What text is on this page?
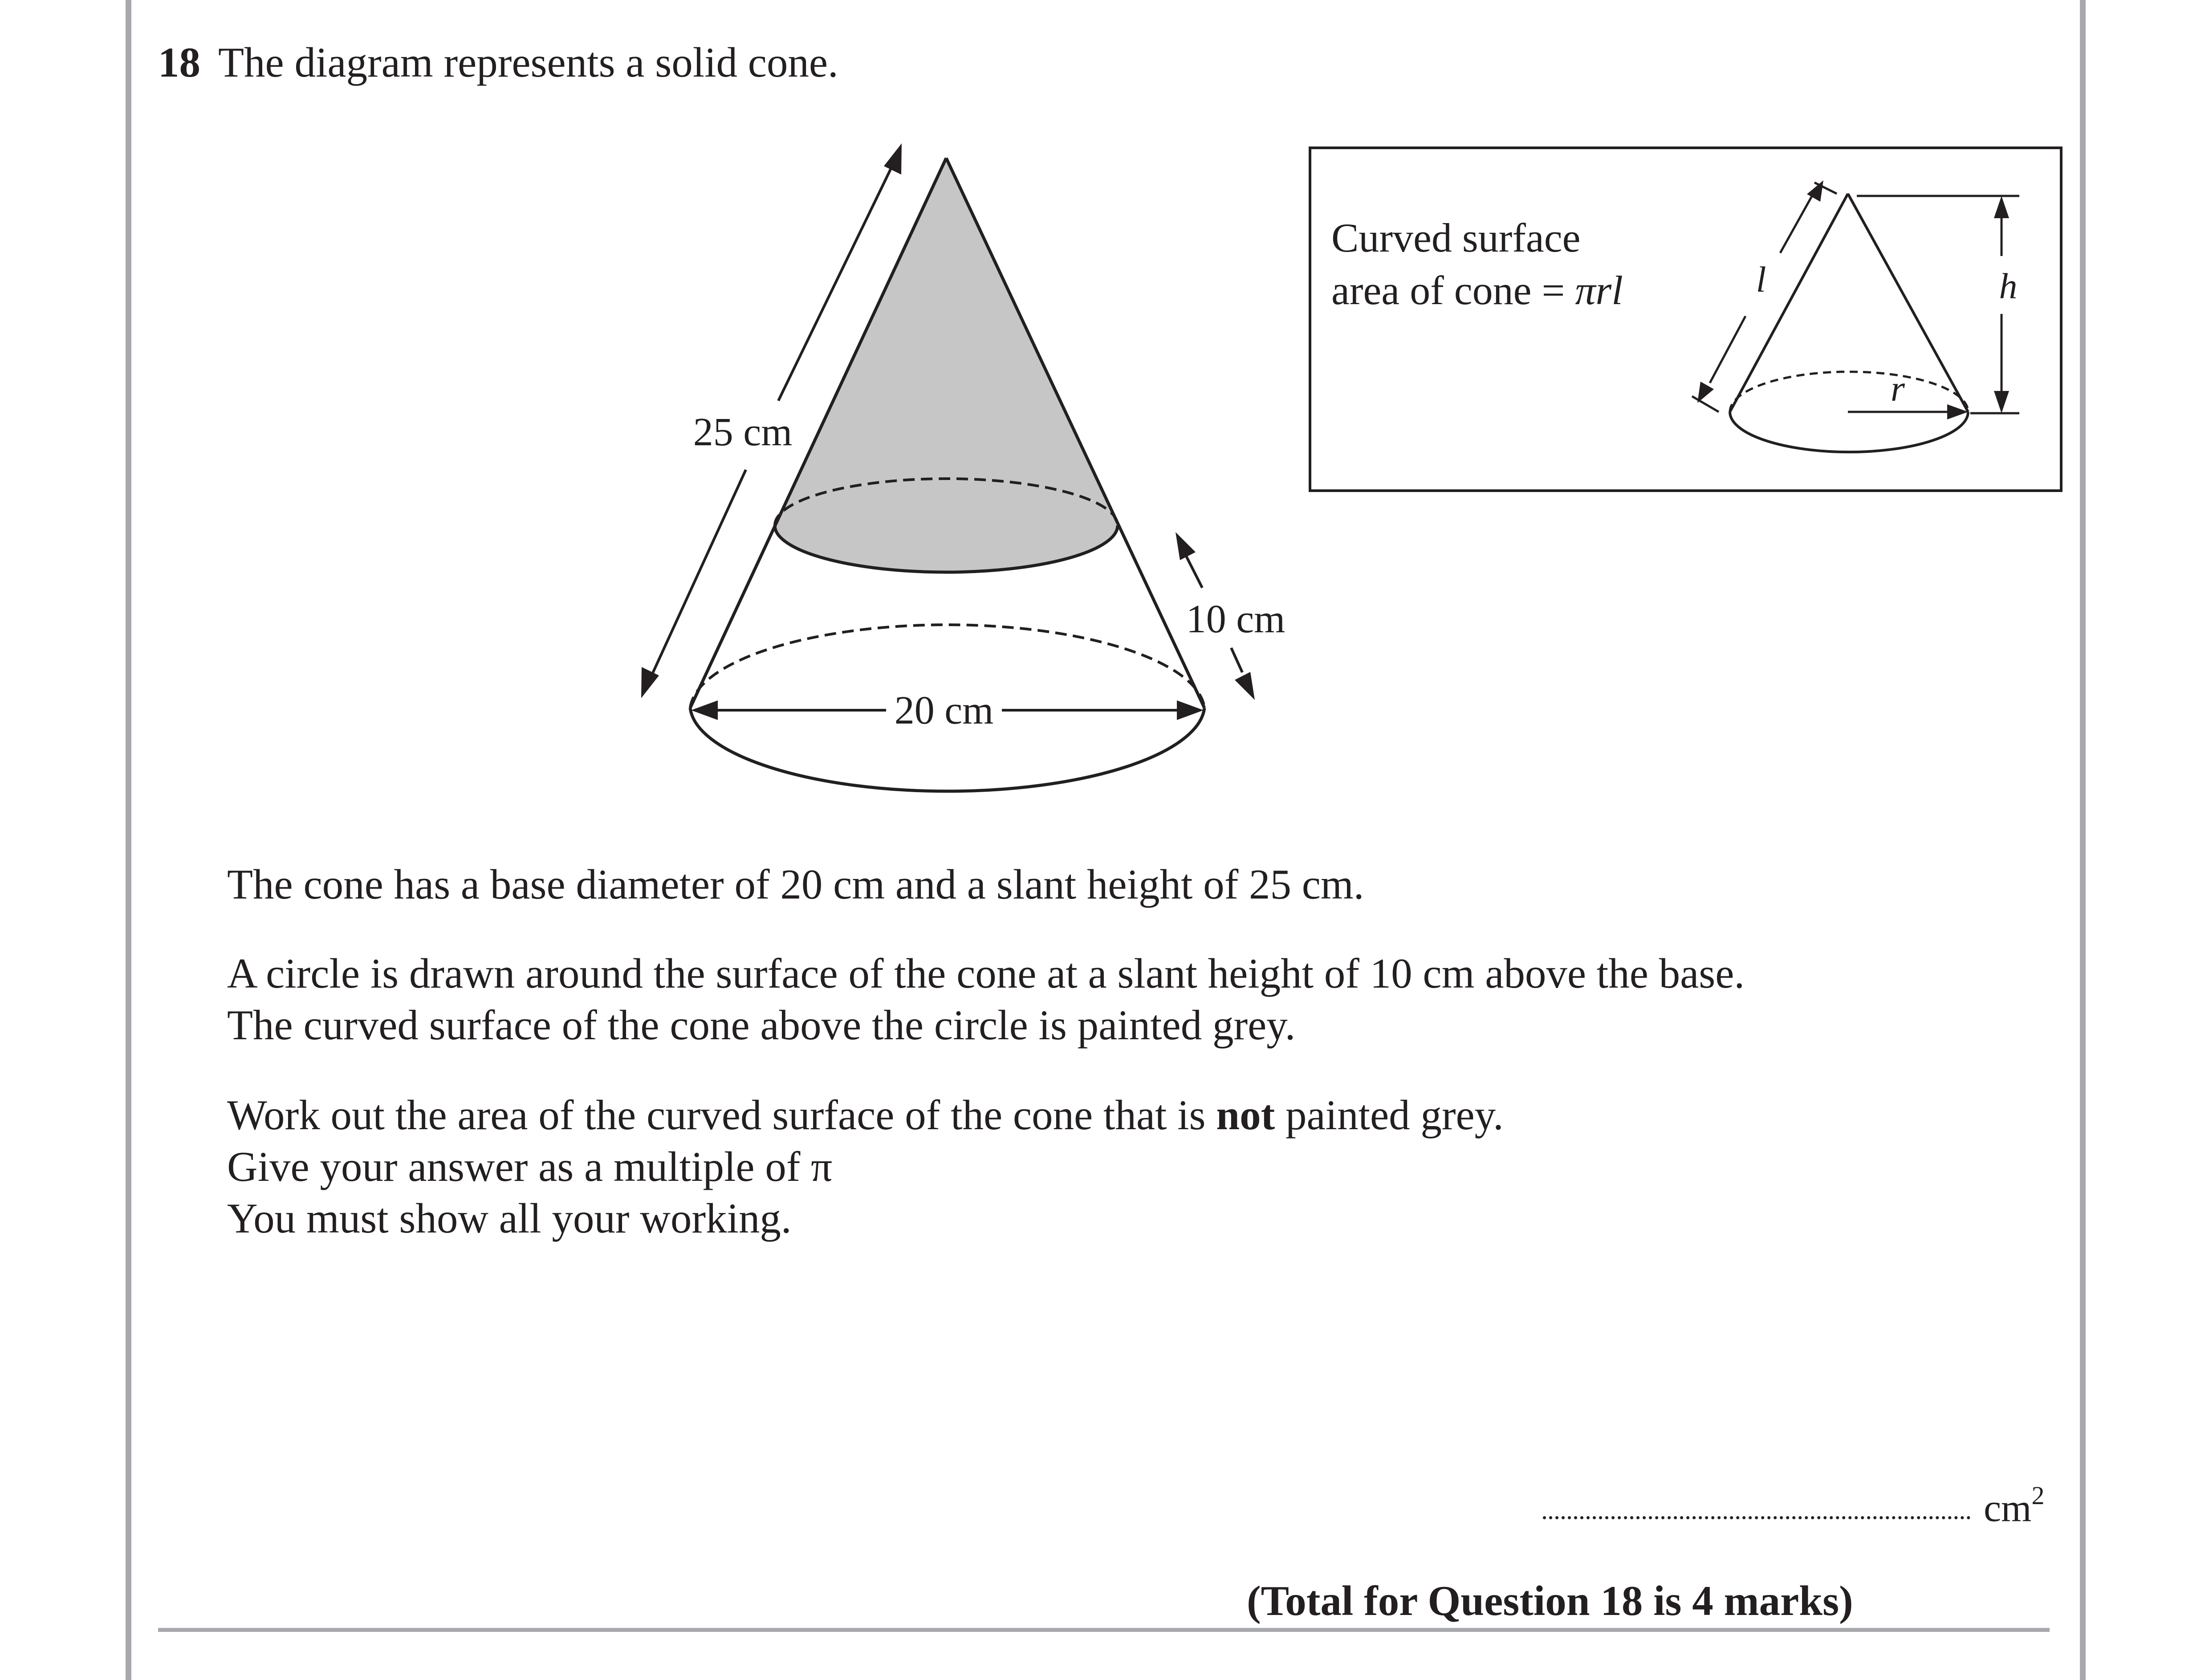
18 The diagram represents a solid cone.
20 cm
25 cm
10 cm
Curved surface
area of cone = πrl
r
l	h
The cone has a base diameter of 20 cm and a slant height of 25 cm.
A circle is drawn around the surface of the cone at a slant height of 10 cm above the base.
The curved surface of the cone above the circle is painted grey.
Work out the area of the curved surface of the cone that is not painted grey.
Give your answer as a multiple of π
You must show all your working.
$cm^2$
(Total for Question 18 is 4 marks)
